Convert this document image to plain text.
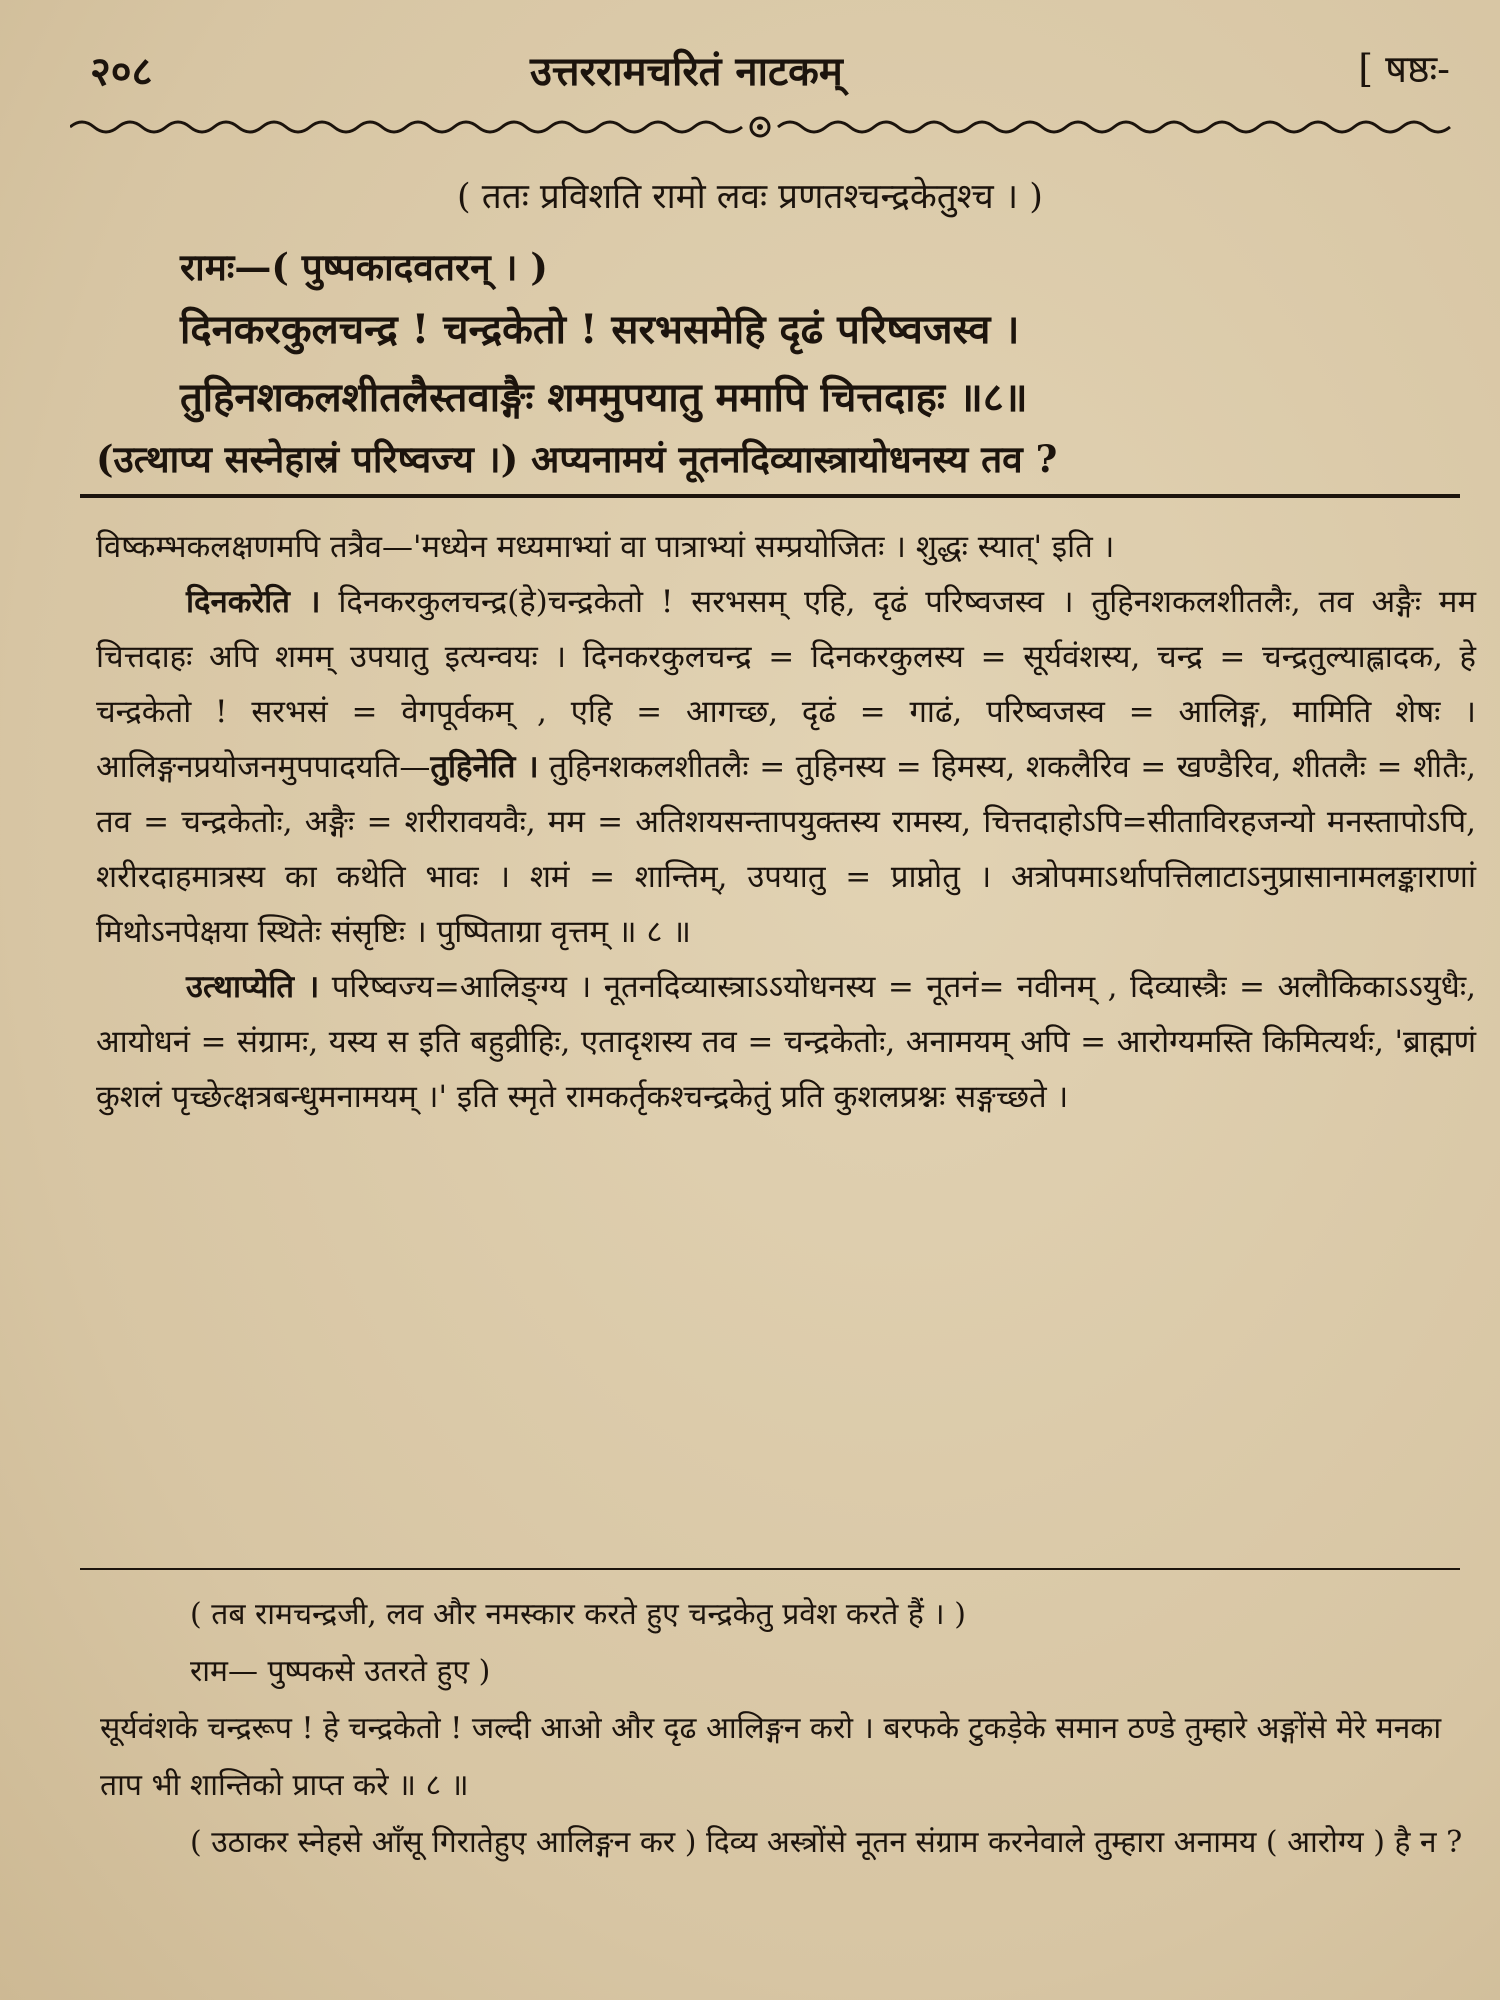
२०८	उत्तररामचरितं नाटकम्	[ षष्ठः-
( ततः प्रविशति रामो लवः प्रणतश्चन्द्रकेतुश्च । )
रामः—( पुष्पकादवतरन् । )
दिनकरकुलचन्द्र ! चन्द्रकेतो ! सरभसमेहि दृढं परिष्वजस्व ।
तुहिनशकलशीतलैस्तवाङ्गैः शममुपयातु ममापि चित्तदाहः ॥८॥
(उत्थाप्य सस्नेहास्रं परिष्वज्य ।) अप्यनामयं नूतनदिव्यास्त्रायोधनस्य तव ?

विष्कम्भकलक्षणमपि तत्रैव—'मध्येन मध्यमाभ्यां वा पात्राभ्यां सम्प्रयोजितः । शुद्धः स्यात्' इति ।

दिनकरेति । दिनकरकुलचन्द्र(हे)चन्द्रकेतो ! सरभसम् एहि, दृढं परिष्वजस्व । तुहिनशकलशीतलैः, तव अङ्गैः मम चित्तदाहः अपि शमम् उपयातु इत्यन्वयः । दिनकरकुलचन्द्र = दिनकरकुलस्य = सूर्यवंशस्य, चन्द्र = चन्द्रतुल्याह्लादक, हे चन्द्रकेतो ! सरभसं = वेगपूर्वकम् , एहि = आगच्छ, दृढं = गाढं, परिष्वजस्व = आलिङ्ग, मामिति शेषः । आलिङ्गनप्रयोजनमुपपादयति—तुहिनेति । तुहिनशकलशीतलैः = तुहिनस्य = हिमस्य, शकलैरिव = खण्डैरिव, शीतलैः = शीतैः, तव = चन्द्रकेतोः, अङ्गैः = शरीरावयवैः, मम = अतिशयसन्तापयुक्तस्य रामस्य, चित्तदाहोऽपि=सीताविरहजन्यो मनस्तापोऽपि, शरीरदाहमात्रस्य का कथेति भावः । शमं = शान्तिम्, उपयातु = प्राप्नोतु । अत्रोपमाऽर्थापत्तिलाटाऽनुप्रासानामलङ्काराणां मिथोऽनपेक्षया स्थितेः संसृष्टिः । पुष्पिताग्रा वृत्तम् ॥ ८ ॥

उत्थाप्येति । परिष्वज्य=आलिङ्ग्य । नूतनदिव्यास्त्राऽऽयोधनस्य = नूतनं= नवीनम् , दिव्यास्त्रैः = अलौकिकाऽऽयुधैः, आयोधनं = संग्रामः, यस्य स इति बहुव्रीहिः, एतादृशस्य तव = चन्द्रकेतोः, अनामयम् अपि = आरोग्यमस्ति किमित्यर्थः, 'ब्राह्मणं कुशलं पृच्छेत्क्षत्रबन्धुमनामयम् ।' इति स्मृते रामकर्तृकश्चन्द्रकेतुं प्रति कुशलप्रश्नः सङ्गच्छते ।

( तब रामचन्द्रजी, लव और नमस्कार करते हुए चन्द्रकेतु प्रवेश करते हैं । )

राम— पुष्पकसे उतरते हुए )

सूर्यवंशके चन्द्ररूप ! हे चन्द्रकेतो ! जल्दी आओ और दृढ आलिङ्गन करो । बरफके टुकड़ेके समान ठण्डे तुम्हारे अङ्गोंसे मेरे मनका ताप भी शान्तिको प्राप्त करे ॥ ८ ॥

( उठाकर स्नेहसे आँसू गिरातेहुए आलिङ्गन कर ) दिव्य अस्त्रोंसे नूतन संग्राम करनेवाले तुम्हारा अनामय ( आरोग्य ) है न ?
